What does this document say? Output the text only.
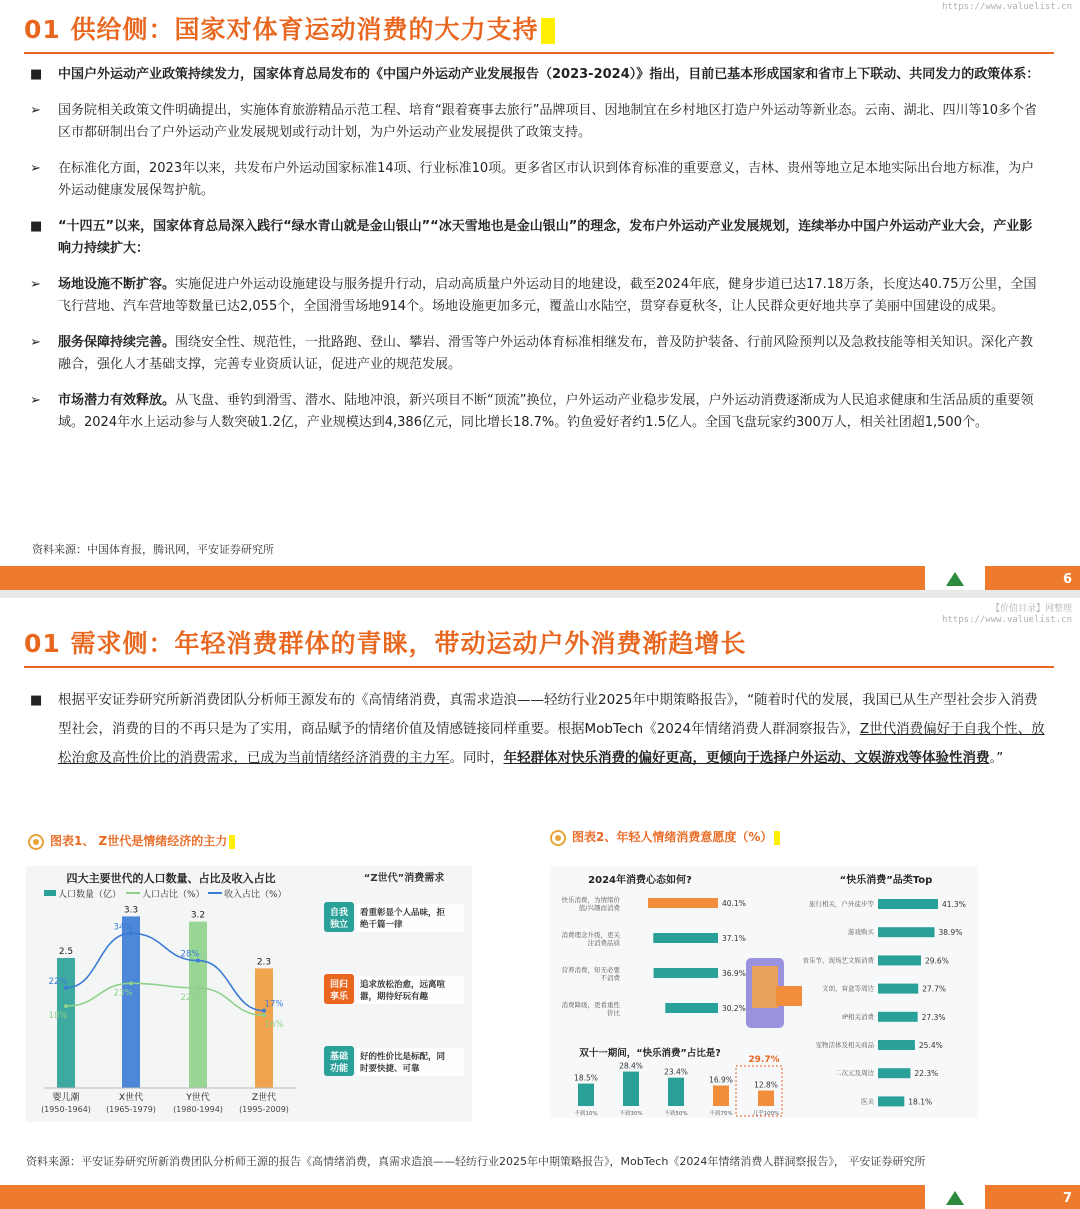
https://www.valuelist.cn
01 供给侧：国家对体育运动消费的大力支持
■	中国户外运动产业政策持续发力，国家体育总局发布的《中国户外运动产业发展报告（2023-2024）》指出，目前已基本形成国家和省市上下联动、共同发力的政策体系：
➢	国务院相关政策文件明确提出，实施体育旅游精品示范工程、培育“跟着赛事去旅行”品牌项目、因地制宜在乡村地区打造户外运动等新业态。云南、湖北、四川等10多个省区市都研制出台了户外运动产业发展规划或行动计划，为户外运动产业发展提供了政策支持。
➢	在标准化方面，2023年以来，共发布户外运动国家标准14项、行业标准10项。更多省区市认识到体育标准的重要意义，吉林、贵州等地立足本地实际出台地方标准，为户外运动健康发展保驾护航。
■	“十四五”以来，国家体育总局深入践行“绿水青山就是金山银山”“冰天雪地也是金山银山”的理念，发布户外运动产业发展规划，连续举办中国户外运动产业大会，产业影响力持续扩大：
➢	场地设施不断扩容。实施促进户外运动设施建设与服务提升行动，启动高质量户外运动目的地建设，截至2024年底，健身步道已达17.18万条，长度达40.75万公里，全国飞行营地、汽车营地等数量已达2,055个，全国滑雪场地914个。场地设施更加多元，覆盖山水陆空，贯穿春夏秋冬，让人民群众更好地共享了美丽中国建设的成果。
➢	服务保障持续完善。围绕安全性、规范性，一批路跑、登山、攀岩、滑雪等户外运动体育标准相继发布，普及防护装备、行前风险预判以及急救技能等相关知识。深化产教融合，强化人才基础支撑，完善专业资质认证，促进产业的规范发展。
➢	市场潜力有效释放。从飞盘、垂钓到滑雪、潜水、陆地冲浪，新兴项目不断“顶流”换位，户外运动产业稳步发展，户外运动消费逐渐成为人民追求健康和生活品质的重要领域。2024年水上运动参与人数突破1.2亿，产业规模达到4,386亿元，同比增长18.7%。钓鱼爱好者约1.5亿人。全国飞盘玩家约300万人，相关社团超1,500个。
资料来源：中国体育报，腾讯网，平安证券研究所
6
【价值目录】网整理
https://www.valuelist.cn
01 需求侧：年轻消费群体的青睐，带动运动户外消费渐趋增长
■	根据平安证券研究所新消费团队分析师王源发布的《高情绪消费，真需求造浪——轻纺行业2025年中期策略报告》，“随着时代的发展，我国已从生产型社会步入消费型社会，消费的目的不再只是为了实用，商品赋予的情绪价值及情感链接同样重要。根据MobTech《2024年情绪消费人群洞察报告》，Z世代消费偏好于自我个性、放松治愈及高性价比的消费需求，已成为当前情绪经济消费的主力军。同时，年轻群体对快乐消费的偏好更高，更倾向于选择户外运动、文娱游戏等体验性消费。”
图表1、 Z世代是情绪经济的主力	图表2、年轻人情绪消费意愿度（%）
四大主要世代的人口数量、占比及收入占比
人口数量（亿） 人口占比（%） 收入占比（%）
2.5
婴儿潮
(1950-1964)
3.3
X世代
(1965-1979)
3.2
Y世代
(1980-1994)
2.3
Z世代
(1995-2009)
18%
23%	22%
16%
22%
34%
28%
17%
“Z世代”消费需求
自我
独立
看重彰显个人品味，拒
绝千篇一律
回归
享乐
追求放松治愈，远离喧
嚣，期待好玩有趣
基础
功能
好的性价比是标配，同
时要快捷、可靠
2024年消费心态如何?	“快乐消费”品类Top
快乐消费，为情绪价
值/兴趣而消费	40.1%
消费理念升级，更关
注消费品质	37.1%
营养消费，知无必要
不消费	36.9%
消费降级，更看重性
价比	30.2%
双十一期间，“快乐消费”占比是?
29.7%
18.5%
不到10%
28.4%
不到30%
23.4%
不到50%
16.9%
不到75%
12.8%
几乎100%
旅行相关，户外徒步等	41.3%
游戏购买	38.9%
音乐节、现场艺文娱消费	29.6%
文创、盲盒等周边	27.7%
IP相关消费	27.3%
宠物活体及相关商品	25.4%
二次元及周边	22.3%
医美	18.1%
资料来源：平安证券研究所新消费团队分析师王源的报告《高情绪消费，真需求造浪——轻纺行业2025年中期策略报告》，MobTech《2024年情绪消费人群洞察报告》， 平安证券研究所
7
